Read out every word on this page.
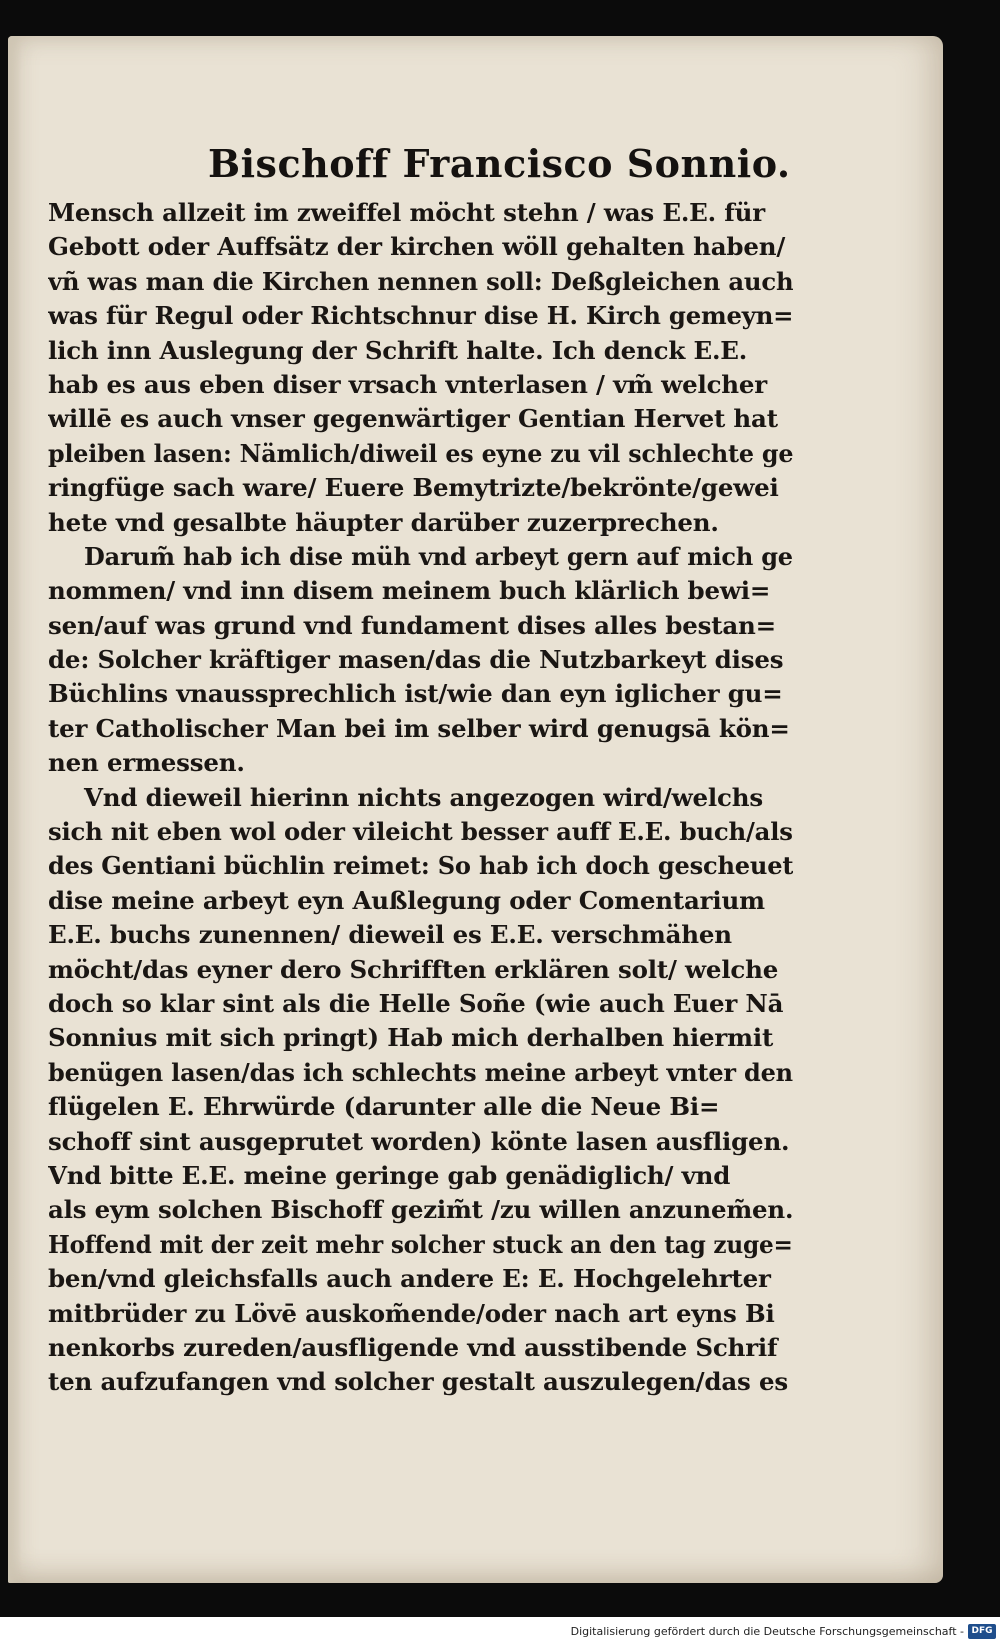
Bischoff Francisco Sonnio.
Mensch allzeit im zweiffel möcht stehn / was E.E. für
Gebott oder Auffsätz der kirchen wöll gehalten haben/
vñ was man die Kirchen nennen soll: Deßgleichen auch
was für Regul oder Richtschnur dise H. Kirch gemeyn=
lich inn Auslegung der Schrift halte. Ich denck E.E.
hab es aus eben diser vrsach vnterlasen / vm̃ welcher
willē es auch vnser gegenwärtiger Gentian Hervet hat
pleiben lasen: Nämlich/diweil es eyne zu vil schlechte ge
ringfüge sach ware/ Euere Bemytrizte/bekrönte/gewei
hete vnd gesalbte häupter darüber zuzerprechen.
Darum̃ hab ich dise müh vnd arbeyt gern auf mich ge
nommen/ vnd inn disem meinem buch klärlich bewi=
sen/auf was grund vnd fundament dises alles bestan=
de: Solcher kräftiger masen/das die Nutzbarkeyt dises
Büchlins vnaussprechlich ist/wie dan eyn iglicher gu=
ter Catholischer Man bei im selber wird genugsā kön=
nen ermessen.
Vnd dieweil hierinn nichts angezogen wird/welchs
sich nit eben wol oder vileicht besser auff E.E. buch/als
des Gentiani büchlin reimet: So hab ich doch gescheuet
dise meine arbeyt eyn Außlegung oder Comentarium
E.E. buchs zunennen/ dieweil es E.E. verschmähen
möcht/das eyner dero Schrifften erklären solt/ welche
doch so klar sint als die Helle Soñe (wie auch Euer Nā
Sonnius mit sich pringt) Hab mich derhalben hiermit
benügen lasen/das ich schlechts meine arbeyt vnter den
flügelen E. Ehrwürde (darunter alle die Neue Bi=
schoff sint ausgeprutet worden) könte lasen ausfligen.
Vnd bitte E.E. meine geringe gab genädiglich/ vnd
als eym solchen Bischoff gezim̃t /zu willen anzunem̃en.
Hoffend mit der zeit mehr solcher stuck an den tag zuge=
ben/vnd gleichsfalls auch andere E: E. Hochgelehrter
mitbrüder zu Lövē auskom̃ende/oder nach art eyns Bi
nenkorbs zureden/ausfligende vnd ausstibende Schrif
ten aufzufangen vnd solcher gestalt auszulegen/das es
Digitalisierung gefördert durch die Deutsche Forschungsgemeinschaft - DFG
